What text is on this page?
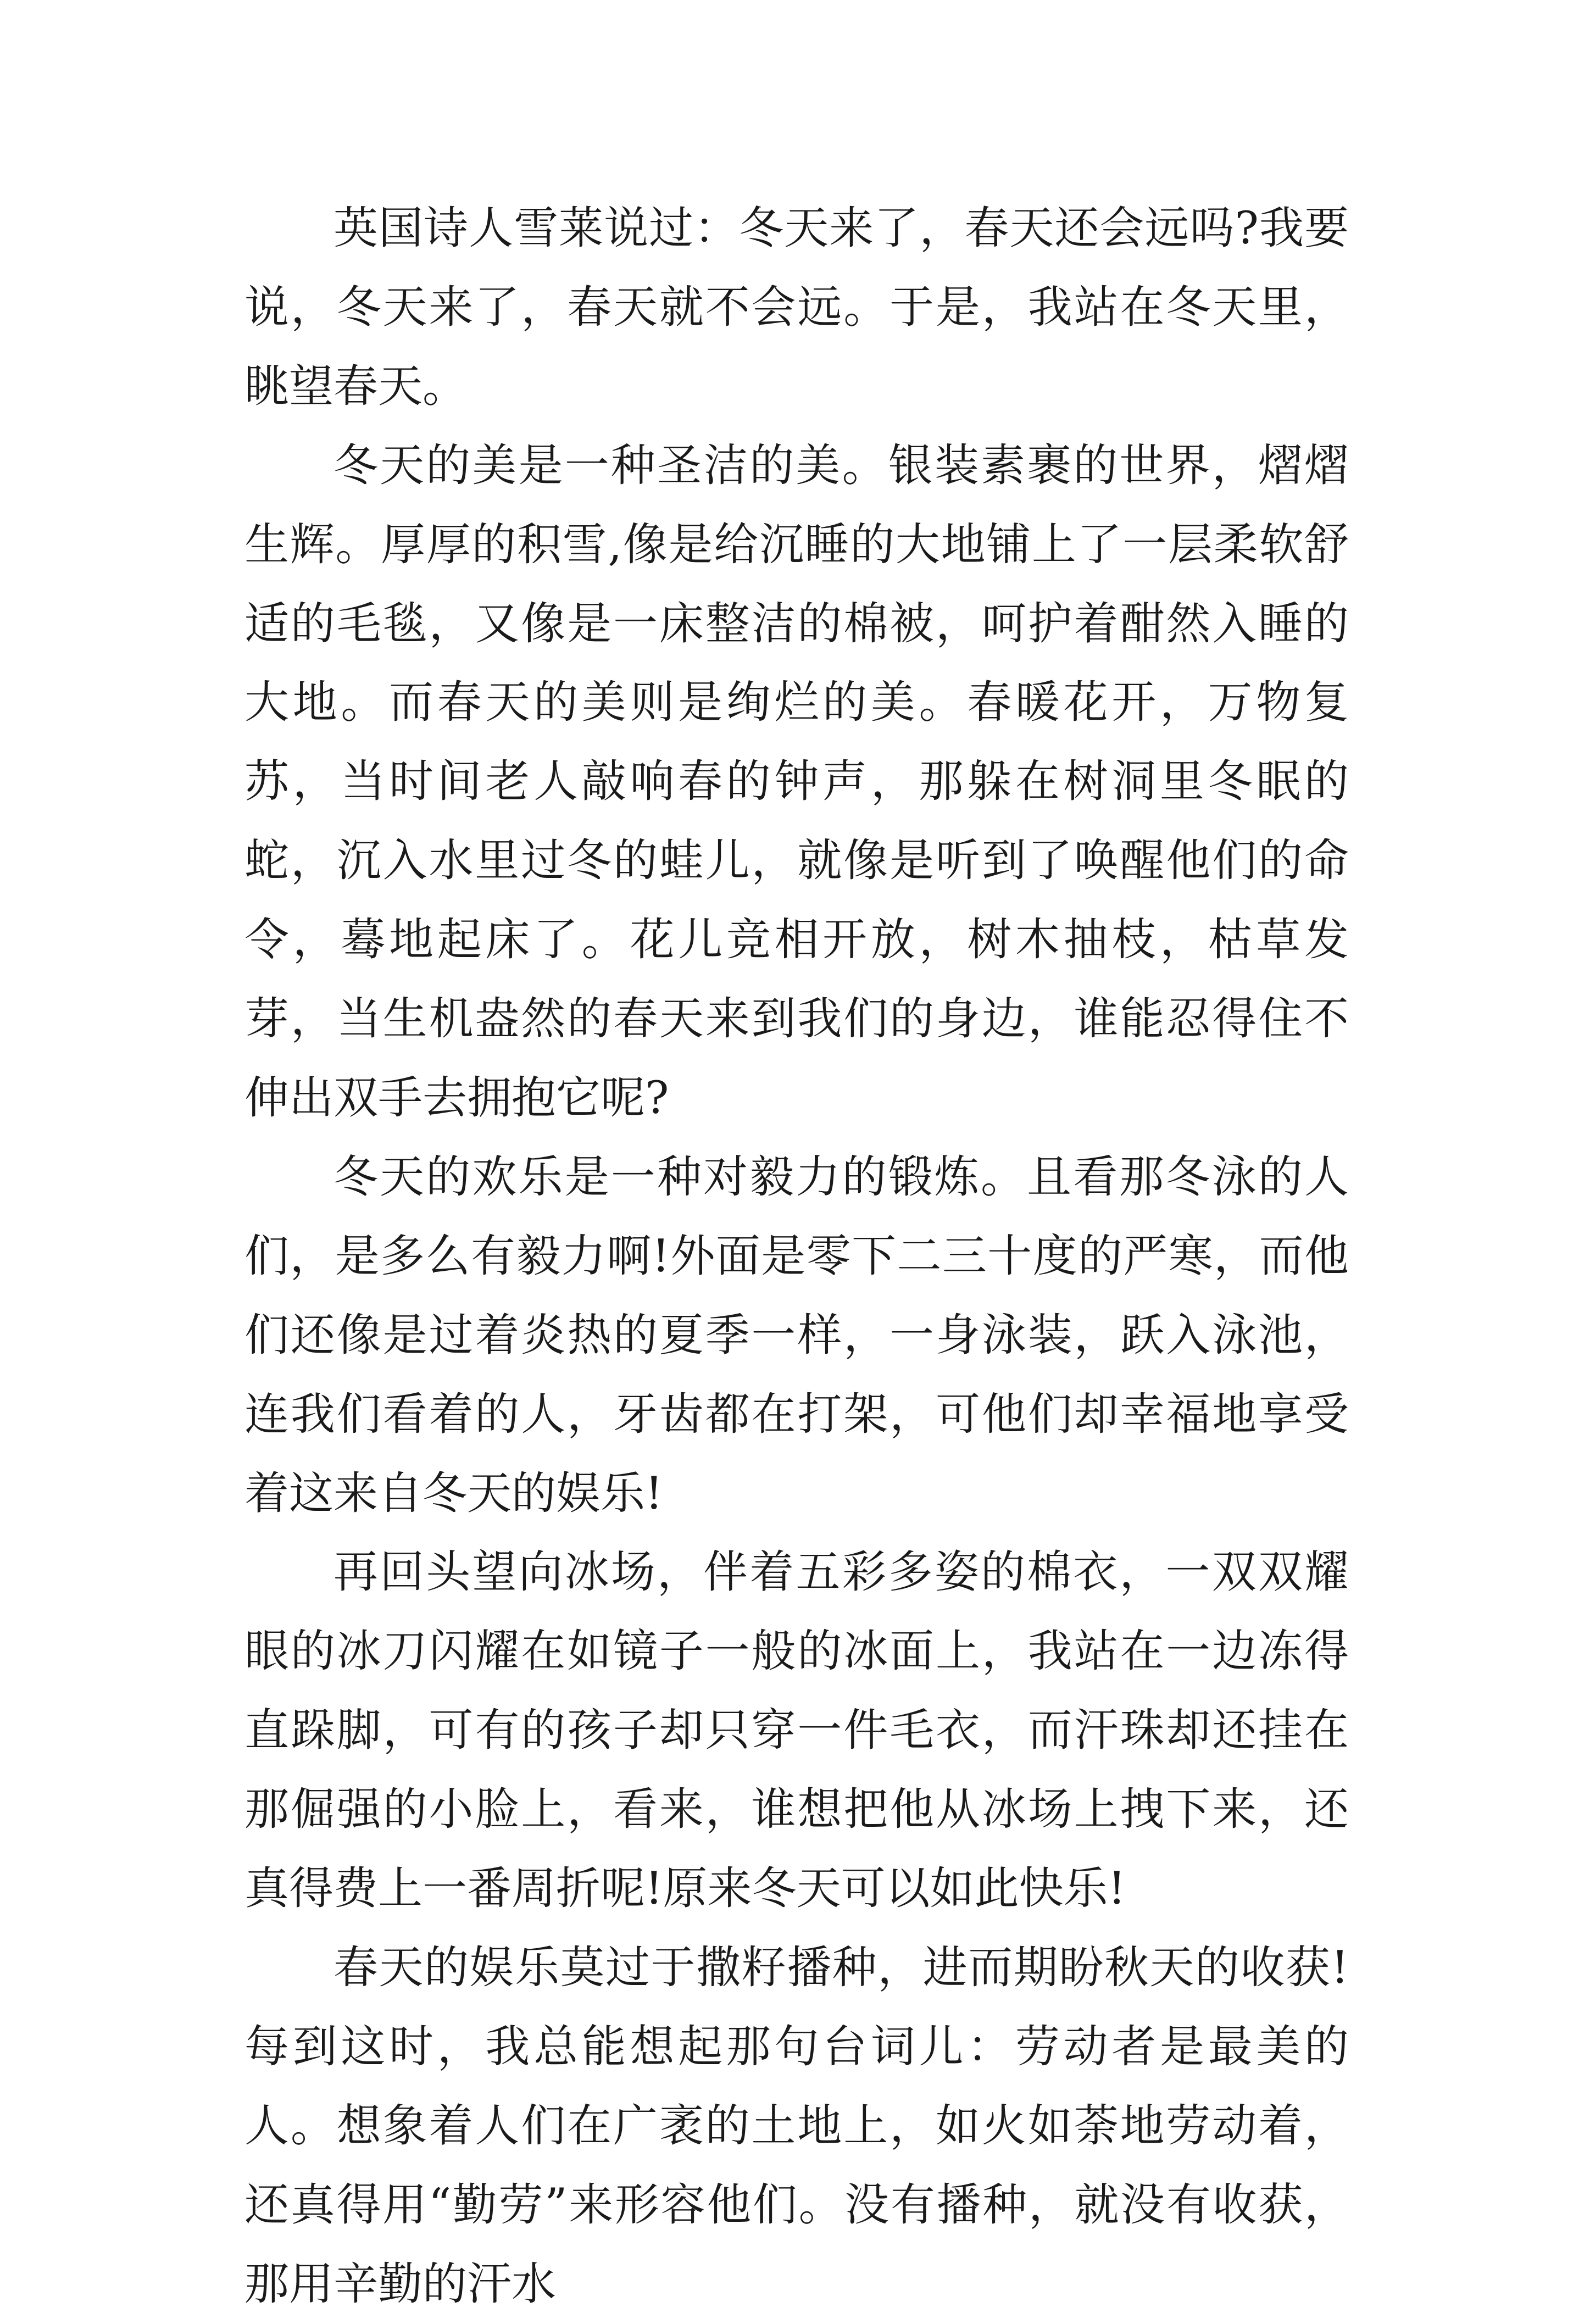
英国诗人雪莱说过：冬天来了，春天还会远吗?我要说，冬天来了，春天就不会远。于是，我站在冬天里，眺望春天。

冬天的美是一种圣洁的美。银装素裹的世界，熠熠生辉。厚厚的积雪,像是给沉睡的大地铺上了一层柔软舒适的毛毯，又像是一床整洁的棉被，呵护着酣然入睡的大地。而春天的美则是绚烂的美。春暖花开，万物复苏，当时间老人敲响春的钟声，那躲在树洞里冬眠的蛇，沉入水里过冬的蛙儿，就像是听到了唤醒他们的命令，蓦地起床了。花儿竞相开放，树木抽枝，枯草发芽，当生机盎然的春天来到我们的身边，谁能忍得住不伸出双手去拥抱它呢?

冬天的欢乐是一种对毅力的锻炼。且看那冬泳的人们，是多么有毅力啊!外面是零下二三十度的严寒，而他们还像是过着炎热的夏季一样，一身泳装，跃入泳池，连我们看着的人，牙齿都在打架，可他们却幸福地享受着这来自冬天的娱乐!

再回头望向冰场，伴着五彩多姿的棉衣，一双双耀眼的冰刀闪耀在如镜子一般的冰面上，我站在一边冻得直跺脚，可有的孩子却只穿一件毛衣，而汗珠却还挂在那倔强的小脸上，看来，谁想把他从冰场上拽下来，还真得费上一番周折呢!原来冬天可以如此快乐!

春天的娱乐莫过于撒籽播种，进而期盼秋天的收获!每到这时，我总能想起那句台词儿：劳动者是最美的人。想象着人们在广袤的土地上，如火如荼地劳动着，还真得用“勤劳”来形容他们。没有播种，就没有收获，那用辛勤的汗水
